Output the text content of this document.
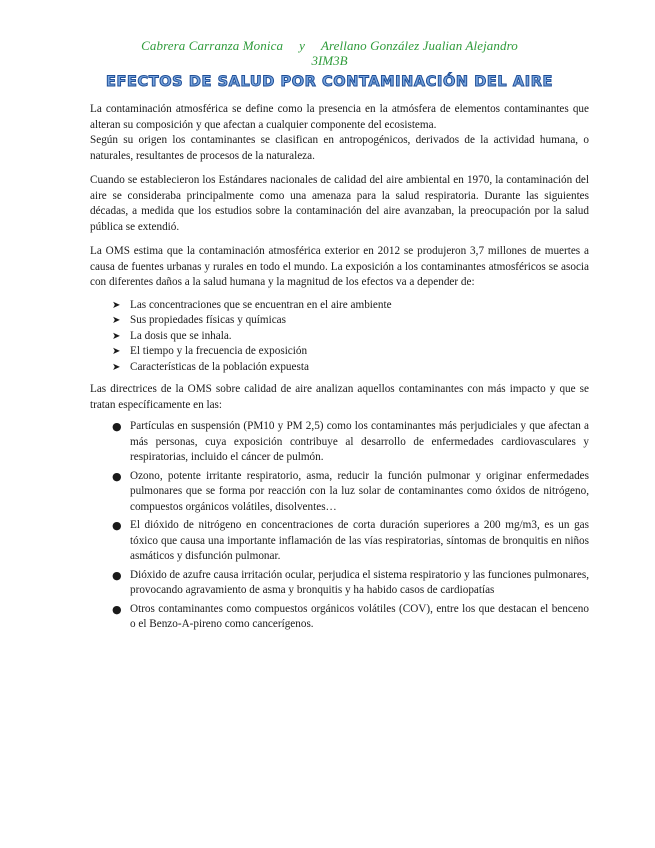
Cabrera Carranza Monica y Arellano González Jualian Alejandro
3IM3B
EFECTOS DE SALUD POR CONTAMINACIÓN DEL AIRE

La contaminación atmosférica se define como la presencia en la atmósfera de elementos contaminantes que alteran su composición y que afectan a cualquier componente del ecosistema.

Según su origen los contaminantes se clasifican en antropogénicos, derivados de la actividad humana, o naturales, resultantes de procesos de la naturaleza.

Cuando se establecieron los Estándares nacionales de calidad del aire ambiental en 1970, la contaminación del aire se consideraba principalmente como una amenaza para la salud respiratoria. Durante las siguientes décadas, a medida que los estudios sobre la contaminación del aire avanzaban, la preocupación por la salud pública se extendió.

La OMS estima que la contaminación atmosférica exterior en 2012 se produjeron 3,7 millones de muertes a causa de fuentes urbanas y rurales en todo el mundo. La exposición a los contaminantes atmosféricos se asocia con diferentes daños a la salud humana y la magnitud de los efectos va a depender de:

➤ Las concentraciones que se encuentran en el aire ambiente
➤ Sus propiedades físicas y químicas
➤ La dosis que se inhala.
➤ El tiempo y la frecuencia de exposición
➤ Características de la población expuesta

Las directrices de la OMS sobre calidad de aire analizan aquellos contaminantes con más impacto y que se tratan específicamente en las:

● Partículas en suspensión (PM10 y PM 2,5) como los contaminantes más perjudiciales y que afectan a más personas, cuya exposición contribuye al desarrollo de enfermedades cardiovasculares y respiratorias, incluido el cáncer de pulmón.
● Ozono, potente irritante respiratorio, asma, reducir la función pulmonar y originar enfermedades pulmonares que se forma por reacción con la luz solar de contaminantes como óxidos de nitrógeno, compuestos orgánicos volátiles, disolventes…
● El dióxido de nitrógeno en concentraciones de corta duración superiores a 200 mg/m3, es un gas tóxico que causa una importante inflamación de las vías respiratorias, síntomas de bronquitis en niños asmáticos y disfunción pulmonar.
● Dióxido de azufre causa irritación ocular, perjudica el sistema respiratorio y las funciones pulmonares, provocando agravamiento de asma y bronquitis y ha habido casos de cardiopatías
● Otros contaminantes como compuestos orgánicos volátiles (COV), entre los que destacan el benceno o el Benzo-A-pireno como cancerígenos.
